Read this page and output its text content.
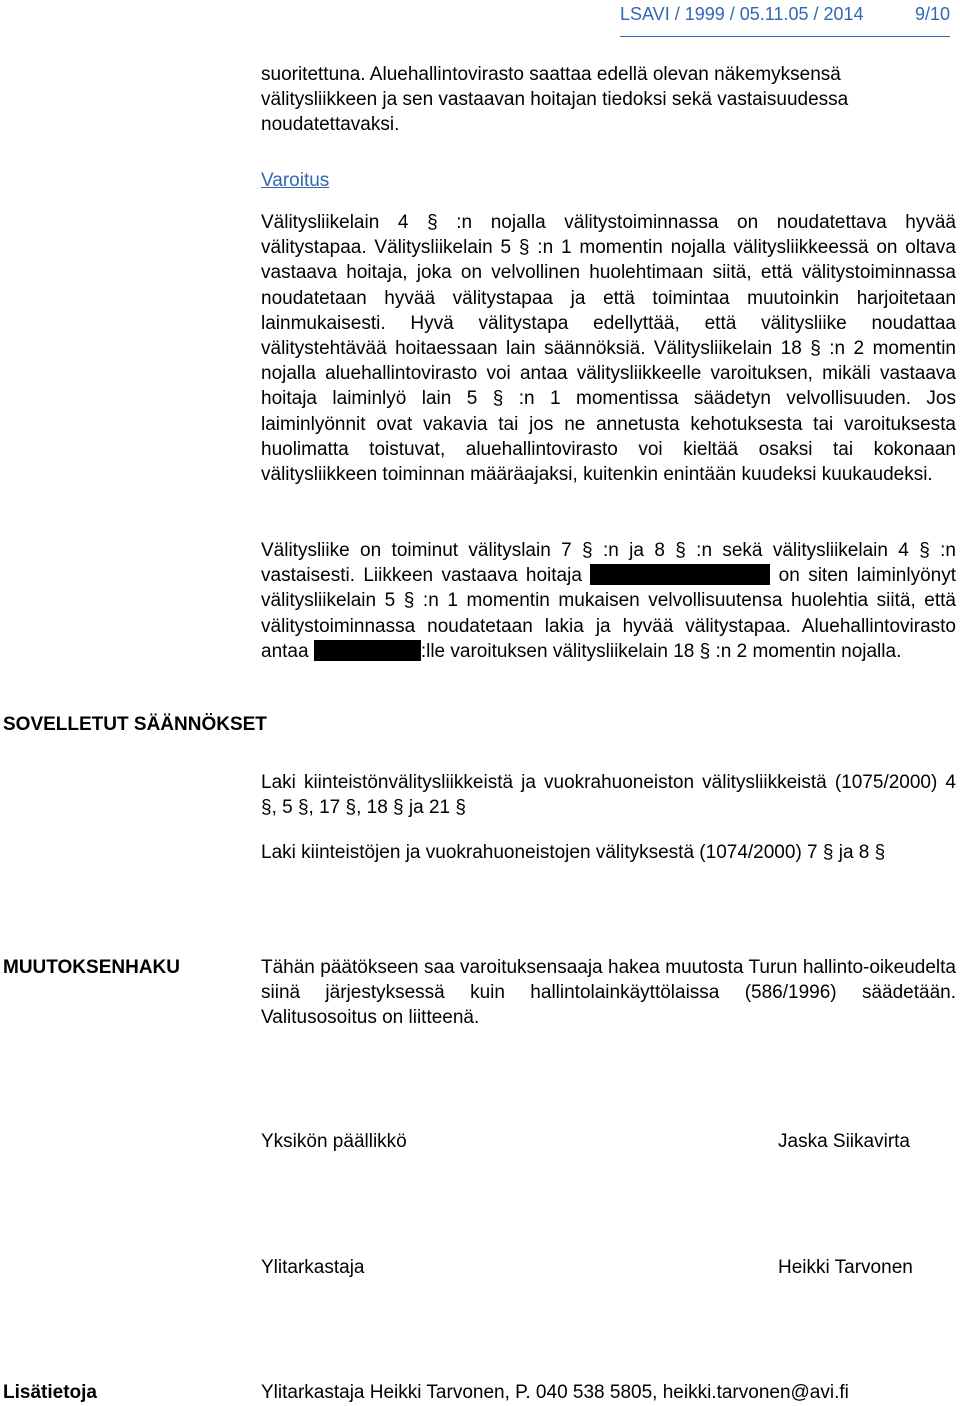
LSAVI / 1999 / 05.11.05 / 2014	9/10

suoritettuna. Aluehallintovirasto saattaa edellä olevan näkemyksensä välitysliikkeen ja sen vastaavan hoitajan tiedoksi sekä vastaisuudessa noudatettavaksi.

Varoitus

Välitysliikelain 4 § :n nojalla välitystoiminnassa on noudatettava hyvää välitystapaa. Välitysliikelain 5 § :n 1 momentin nojalla välitysliikkeessä on oltava vastaava hoitaja, joka on velvollinen huolehtimaan siitä, että välitystoiminnassa noudatetaan hyvää välitystapaa ja että toimintaa muutoinkin harjoitetaan lainmukaisesti. Hyvä välitystapa edellyttää, että välitysliike noudattaa välitystehtävää hoitaessaan lain säännöksiä. Välitysliikelain 18 § :n 2 momentin nojalla aluehallintovirasto voi antaa välitysliikkeelle varoituksen, mikäli vastaava hoitaja laiminlyö lain 5 § :n 1 momentissa säädetyn velvollisuuden. Jos laiminlyönnit ovat vakavia tai jos ne annetusta kehotuksesta tai varoituksesta huolimatta toistuvat, aluehallintovirasto voi kieltää osaksi tai kokonaan välitysliikkeen toiminnan määräajaksi, kuitenkin enintään kuudeksi kuukaudeksi.

Välitysliike on toiminut välityslain 7 § :n ja 8 § :n sekä välitysliikelain 4 § :n vastaisesti. Liikkeen vastaava hoitaja	on siten laiminlyönyt välitysliikelain 5 § :n 1 momentin mukaisen velvollisuutensa huolehtia siitä, että välitystoiminnassa noudatetaan lakia ja hyvää välitystapaa. Aluehallintovirasto antaa	:lle varoituksen välitysliikelain 18 § :n 2 momentin nojalla.

SOVELLETUT SÄÄNNÖKSET

Laki kiinteistönvälitysliikkeistä ja vuokrahuoneiston välitysliikkeistä (1075/2000) 4 §, 5 §, 17 §, 18 § ja 21 §

Laki kiinteistöjen ja vuokrahuoneistojen välityksestä (1074/2000) 7 § ja 8 §

MUUTOKSENHAKU	Tähän päätökseen saa varoituksensaaja hakea muutosta Turun hallinto-oikeudelta siinä järjestyksessä kuin hallintolainkäyttölaissa (586/1996) säädetään. Valitusosoitus on liitteenä.

Yksikön päällikkö	Jaska Siikavirta
Ylitarkastaja	Heikki Tarvonen
Lisätietoja	Ylitarkastaja Heikki Tarvonen, P. 040 538 5805, heikki.tarvonen@avi.fi
